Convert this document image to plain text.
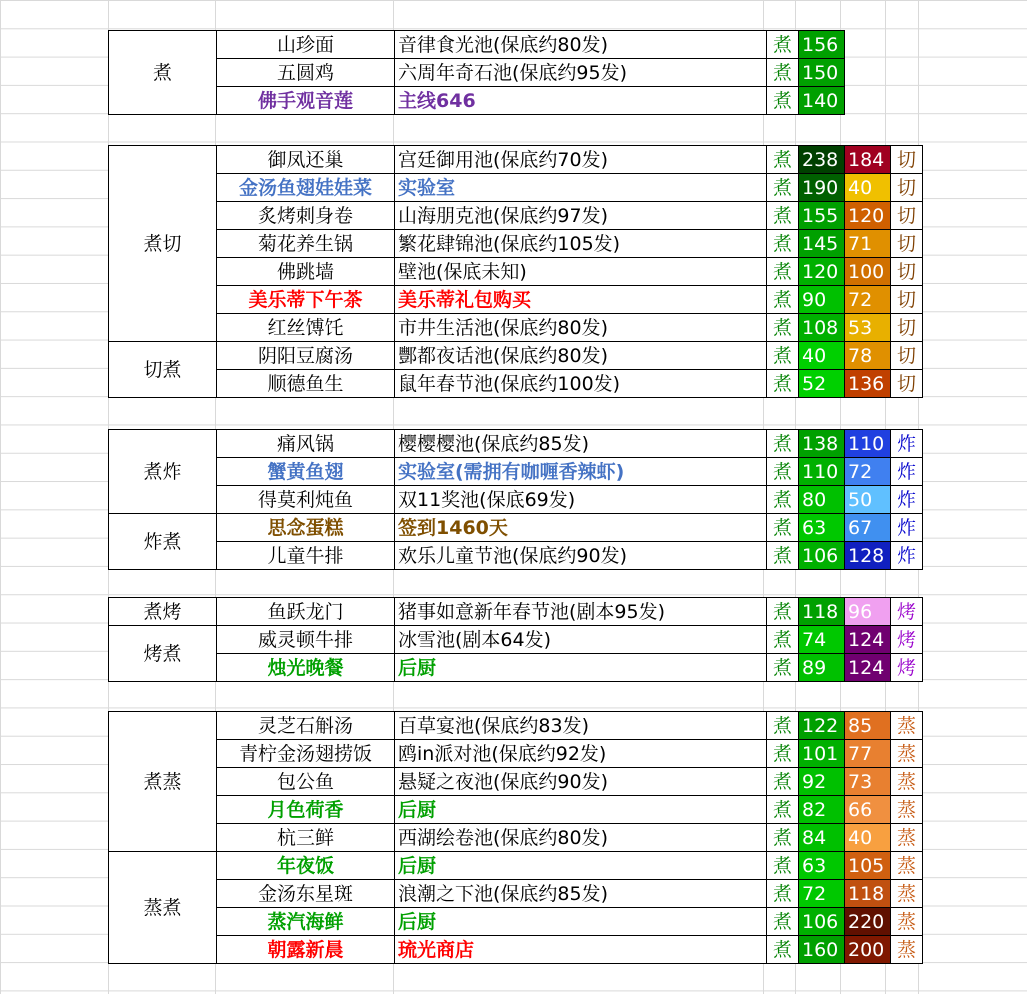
煮	山珍面	音律食光池(保底约80发)	煮	156
	五圆鸡	六周年奇石池(保底约95发)	煮	150
	佛手观音莲	主线646	煮	140
煮切	御凤还巢	宫廷御用池(保底约70发)	煮	238	184	切
	金汤鱼翅娃娃菜	实验室	煮	190	40	切
	炙烤刺身卷	山海朋克池(保底约97发)	煮	155	120	切
	菊花养生锅	繁花肆锦池(保底约105发)	煮	145	71	切
	佛跳墙	壁池(保底未知)	煮	120	100	切
	美乐蒂下午茶	美乐蒂礼包购买	煮	90	72	切
	红丝馎饦	市井生活池(保底约80发)	煮	108	53	切
切煮	阴阳豆腐汤	酆都夜话池(保底约80发)	煮	40	78	切
	顺德鱼生	鼠年春节池(保底约100发)	煮	52	136	切
煮炸	痛风锅	樱樱樱池(保底约85发)	煮	138	110	炸
	蟹黄鱼翅	实验室(需拥有咖喱香辣虾)	煮	110	72	炸
	得莫利炖鱼	双11奖池(保底69发)	煮	80	50	炸
炸煮	思念蛋糕	签到1460天	煮	63	67	炸
	儿童牛排	欢乐儿童节池(保底约90发)	煮	106	128	炸
煮烤	鱼跃龙门	猪事如意新年春节池(剧本95发)	煮	118	96	烤
烤煮	威灵顿牛排	冰雪池(剧本64发)	煮	74	124	烤
	烛光晚餐	后厨	煮	89	124	烤
煮蒸	灵芝石斛汤	百草宴池(保底约83发)	煮	122	85	蒸
	青柠金汤翅捞饭	鸥in派对池(保底约92发)	煮	101	77	蒸
	包公鱼	悬疑之夜池(保底约90发)	煮	92	73	蒸
	月色荷香	后厨	煮	82	66	蒸
	杭三鲜	西湖绘卷池(保底约80发)	煮	84	40	蒸
蒸煮	年夜饭	后厨	煮	63	105	蒸
	金汤东星斑	浪潮之下池(保底约85发)	煮	72	118	蒸
	蒸汽海鲜	后厨	煮	106	220	蒸
	朝露新晨	琉光商店	煮	160	200	蒸
